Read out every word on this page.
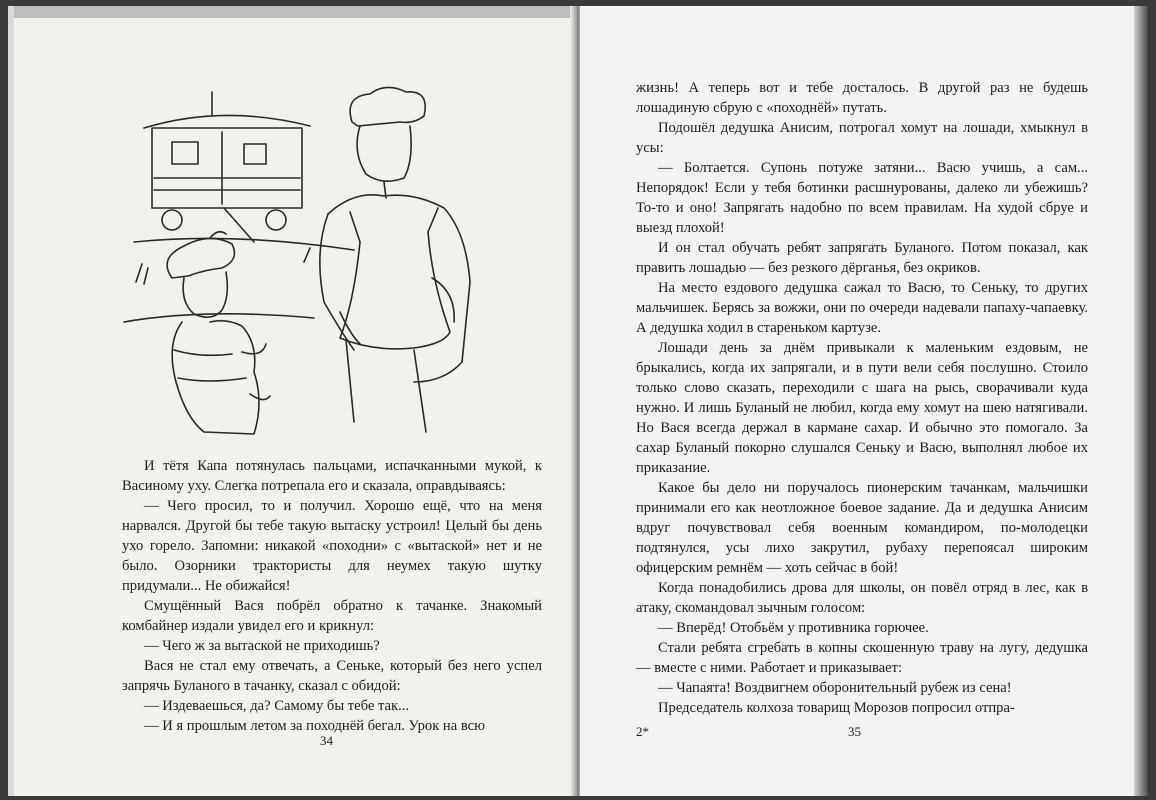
И тётя Капа потянулась пальцами, испачканными мукой, к Васиному уху. Слегка потрепала его и сказала, оправдываясь:

— Чего просил, то и получил. Хорошо ещё, что на меня нарвался. Другой бы тебе такую вытаску устроил! Целый бы день ухо горело. Запомни: никакой «походни» с «вытаской» нет и не было. Озорники трактористы для неумех такую шутку придумали... Не обижайся!

Смущённый Вася побрёл обратно к тачанке. Знакомый комбайнер издали увидел его и крикнул:

— Чего ж за вытаской не приходишь?

Вася не стал ему отвечать, а Сеньке, который без него успел запрячь Буланого в тачанку, сказал с обидой:

— Издеваешься, да? Самому бы тебе так...

— И я прошлым летом за походнёй бегал. Урок на всю

34

жизнь! А теперь вот и тебе досталось. В другой раз не будешь лошадиную сбрую с «походнёй» путать.

Подошёл дедушка Анисим, потрогал хомут на лошади, хмыкнул в усы:

— Болтается. Супонь потуже затяни... Васю учишь, а сам... Непорядок! Если у тебя ботинки расшнурованы, далеко ли убежишь? То-то и оно! Запрягать надобно по всем правилам. На худой сбруе и выезд плохой!

И он стал обучать ребят запрягать Буланого. Потом показал, как править лошадью — без резкого дёрганья, без окриков.

На место ездового дедушка сажал то Васю, то Сеньку, то других мальчишек. Берясь за вожжи, они по очереди надевали папаху-чапаевку. А дедушка ходил в стареньком картузе.

Лошади день за днём привыкали к маленьким ездовым, не брыкались, когда их запрягали, и в пути вели себя послушно. Стоило только слово сказать, переходили с шага на рысь, сворачивали куда нужно. И лишь Буланый не любил, когда ему хомут на шею натягивали. Но Вася всегда держал в кармане сахар. И обычно это помогало. За сахар Буланый покорно слушался Сеньку и Васю, выполнял любое их приказание.

Какое бы дело ни поручалось пионерским тачанкам, мальчишки принимали его как неотложное боевое задание. Да и дедушка Анисим вдруг почувствовал себя военным командиром, по-молодецки подтянулся, усы лихо закрутил, рубаху перепоясал широким офицерским ремнём — хоть сейчас в бой!

Когда понадобились дрова для школы, он повёл отряд в лес, как в атаку, скомандовал зычным голосом:

— Вперёд! Отобьём у противника горючее.

Стали ребята сгребать в копны скошенную траву на лугу, дедушка — вместе с ними. Работает и приказывает:

— Чапаята! Воздвигнем оборонительный рубеж из сена!

Председатель колхоза товарищ Морозов попросил отпра-

2*	35
